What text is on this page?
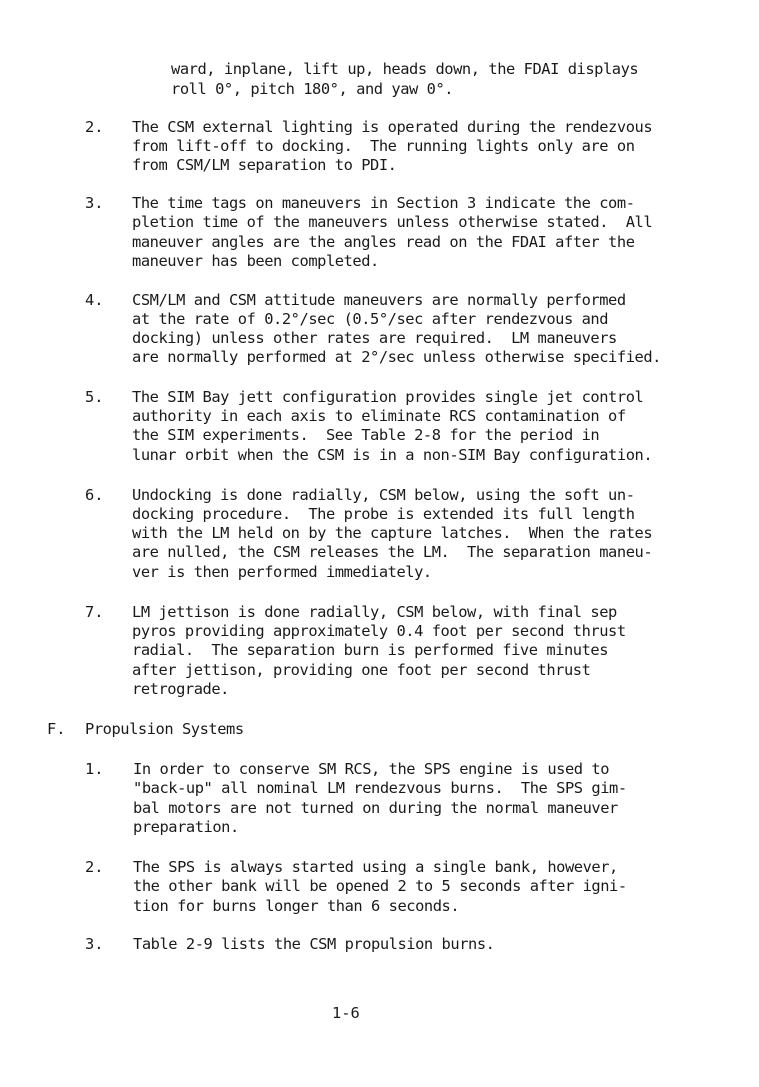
ward, inplane, lift up, heads down, the FDAI displays
roll 0°, pitch 180°, and yaw 0°.
2. The CSM external lighting is operated during the rendezvous
from lift-off to docking.  The running lights only are on
from CSM/LM separation to PDI.
3. The time tags on maneuvers in Section 3 indicate the com-
pletion time of the maneuvers unless otherwise stated.  All
maneuver angles are the angles read on the FDAI after the
maneuver has been completed.
4. CSM/LM and CSM attitude maneuvers are normally performed
at the rate of 0.2°/sec (0.5°/sec after rendezvous and
docking) unless other rates are required.  LM maneuvers
are normally performed at 2°/sec unless otherwise specified.
5. The SIM Bay jett configuration provides single jet control
authority in each axis to eliminate RCS contamination of
the SIM experiments.  See Table 2-8 for the period in
lunar orbit when the CSM is in a non-SIM Bay configuration.
6. Undocking is done radially, CSM below, using the soft un-
docking procedure.  The probe is extended its full length
with the LM held on by the capture latches.  When the rates
are nulled, the CSM releases the LM.  The separation maneu-
ver is then performed immediately.
7. LM jettison is done radially, CSM below, with final sep
pyros providing approximately 0.4 foot per second thrust
radial.  The separation burn is performed five minutes
after jettison, providing one foot per second thrust
retrograde.
F. Propulsion Systems
1. In order to conserve SM RCS, the SPS engine is used to
"back-up" all nominal LM rendezvous burns.  The SPS gim-
bal motors are not turned on during the normal maneuver
preparation.
2. The SPS is always started using a single bank, however,
the other bank will be opened 2 to 5 seconds after igni-
tion for burns longer than 6 seconds.
3. Table 2-9 lists the CSM propulsion burns.
1-6
